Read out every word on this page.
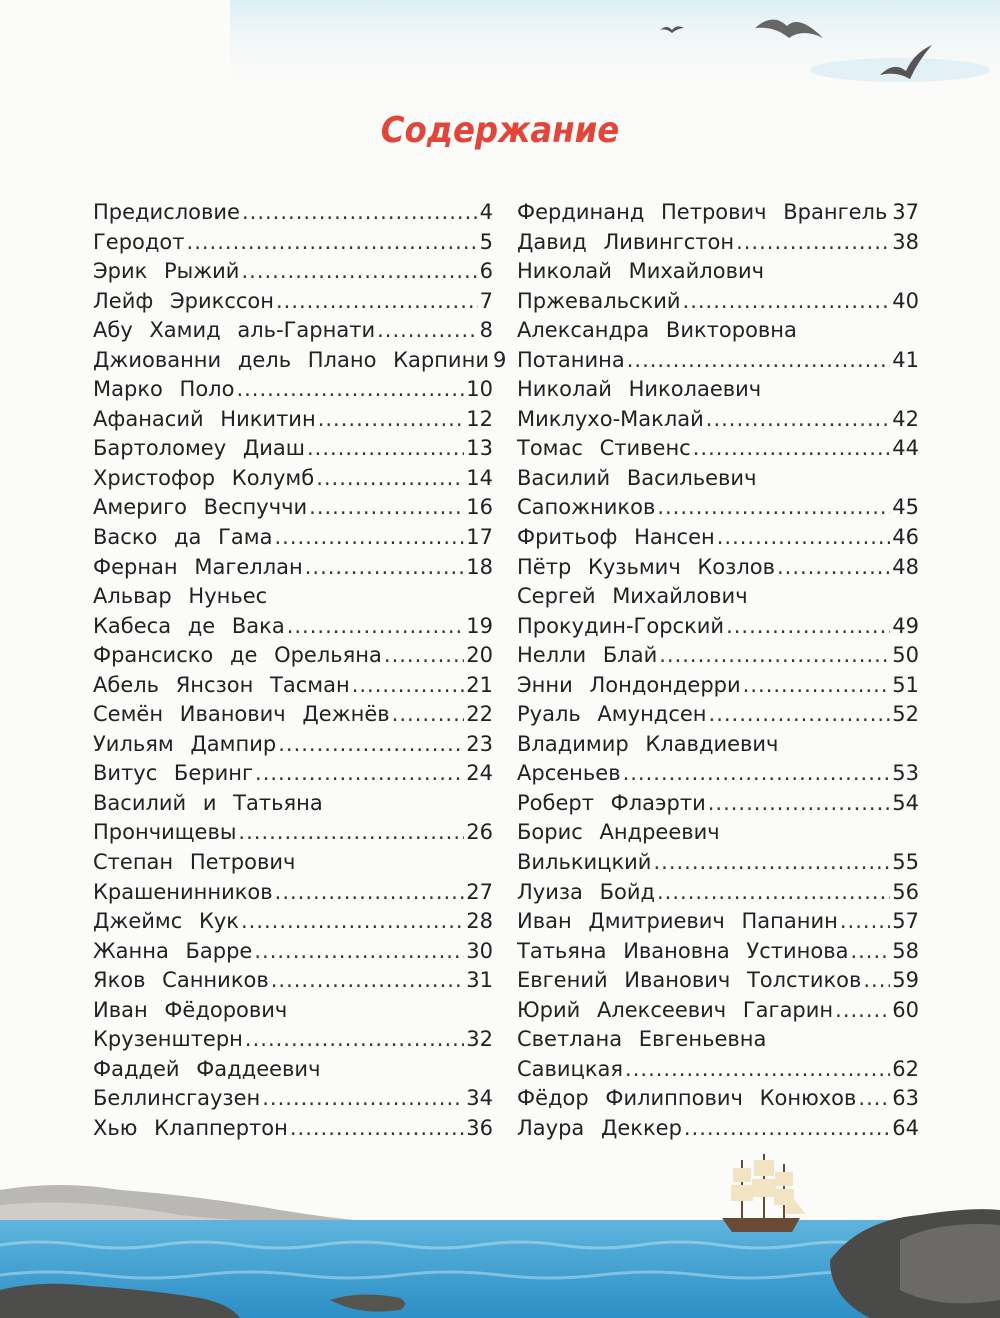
Содержание
Предисловие .....	4
Геродот .....	5
Эрик Рыжий .....	6
Лейф Эрикссон .....	7
Абу Хамид аль-Гарнати .....	8
Джиованни дель Плано Карпини 9
Марко Поло .....	10
Афанасий Никитин .....	12
Бартоломеу Диаш .....	13
Христофор Колумб .....	14
Америго Веспуччи .....	16
Васко да Гама .....	17
Фернан Магеллан .....	18
Альвар Нуньес
Кабеса де Вака .....	19
Франсиско де Орельяна .....	20
Абель Янсзон Тасман .....	21
Семён Иванович Дежнёв .....	22
Уильям Дампир .....	23
Витус Беринг .....	24
Василий и Татьяна
Прончищевы .....	26
Степан Петрович
Крашенинников .....	27
Джеймс Кук .....	28
Жанна Барре .....	30
Яков Санников .....	31
Иван Фёдорович
Крузенштерн .....	32
Фаддей Фаддеевич
Беллинсгаузен .....	34
Хью Клаппертон .....	36
Фердинанд Петрович Врангель ..... 37
Давид Ливингстон .....	38
Николай Михайлович
Пржевальский .....	40
Александра Викторовна
Потанина .....	41
Николай Николаевич
Миклухо-Маклай .....	42
Томас Стивенс .....	44
Василий Васильевич
Сапожников .....	45
Фритьоф Нансен .....	46
Пётр Кузьмич Козлов .....	48
Сергей Михайлович
Прокудин-Горский .....	49
Нелли Блай .....	50
Энни Лондондерри .....	51
Руаль Амундсен .....	52
Владимир Клавдиевич
Арсеньев .....	53
Роберт Флаэрти .....	54
Борис Андреевич
Вилькицкий .....	55
Луиза Бойд .....	56
Иван Дмитриевич Папанин .....	57
Татьяна Ивановна Устинова ..... 58
Евгений Иванович Толстиков ..... 59
Юрий Алексеевич Гагарин .....	60
Светлана Евгеньевна
Савицкая .....	62
Фёдор Филиппович Конюхов ..... 63
Лаура Деккер .....	64
